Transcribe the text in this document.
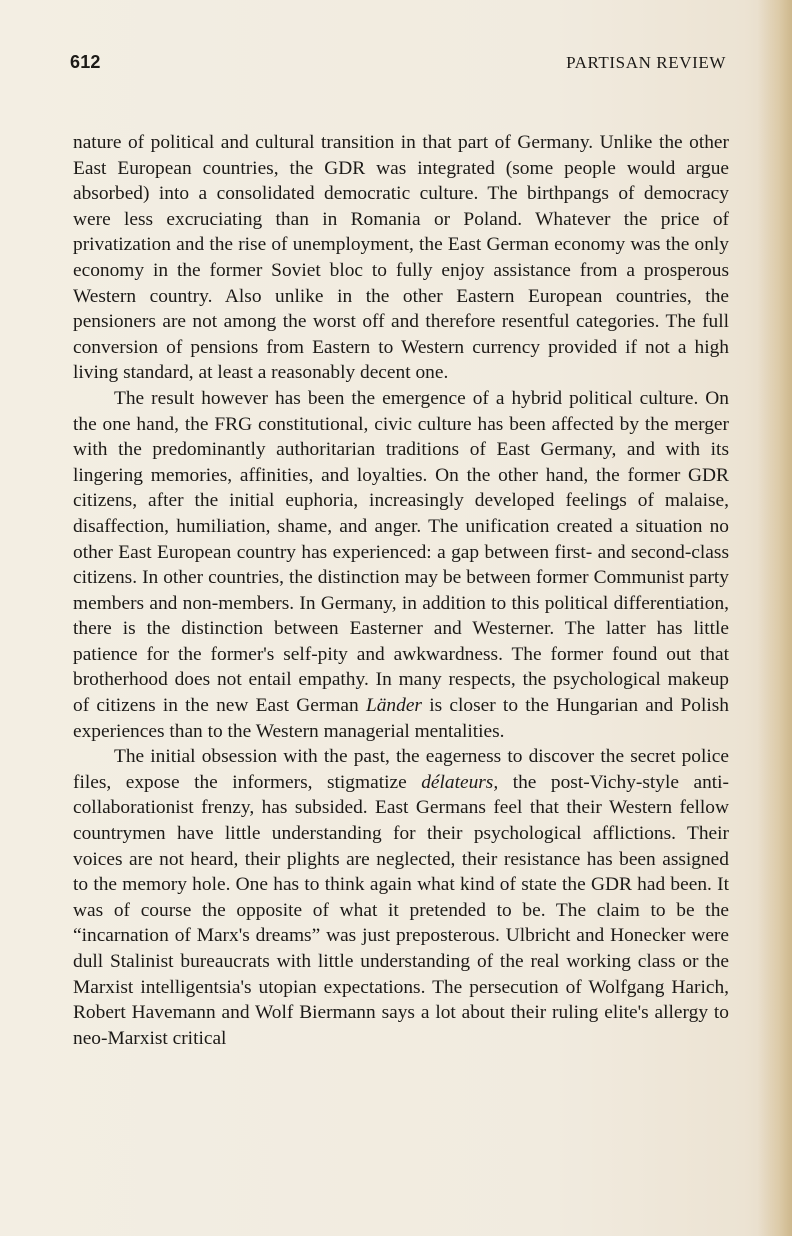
612	PARTISAN REVIEW

nature of political and cultural transition in that part of Germany. Unlike the other East European countries, the GDR was integrated (some people would argue absorbed) into a consolidated democratic culture. The birthpangs of democracy were less excruciating than in Romania or Poland. Whatever the price of privatization and the rise of unemployment, the East German economy was the only economy in the former Soviet bloc to fully enjoy assistance from a prosperous Western country. Also unlike in the other Eastern European countries, the pensioners are not among the worst off and therefore resentful categories. The full conversion of pensions from Eastern to Western currency provided if not a high living standard, at least a reasonably decent one.

The result however has been the emergence of a hybrid political culture. On the one hand, the FRG constitutional, civic culture has been affected by the merger with the predominantly authoritarian traditions of East Germany, and with its lingering memories, affinities, and loyalties. On the other hand, the former GDR citizens, after the initial euphoria, increasingly developed feelings of malaise, disaffection, humiliation, shame, and anger. The unification created a situation no other East European country has experienced: a gap between first- and second-class citizens. In other countries, the distinction may be between former Communist party members and non-members. In Germany, in addition to this political differentiation, there is the distinction between Easterner and Westerner. The latter has little patience for the former's self-pity and awkwardness. The former found out that brotherhood does not entail empathy. In many respects, the psychological makeup of citizens in the new East German Länder is closer to the Hungarian and Polish experiences than to the Western managerial mentalities.

The initial obsession with the past, the eagerness to discover the secret police files, expose the informers, stigmatize délateurs, the post-Vichy-style anti-collaborationist frenzy, has subsided. East Germans feel that their Western fellow countrymen have little understanding for their psychological afflictions. Their voices are not heard, their plights are neglected, their resistance has been assigned to the memory hole. One has to think again what kind of state the GDR had been. It was of course the opposite of what it pretended to be. The claim to be the “incarnation of Marx's dreams” was just preposterous. Ulbricht and Honecker were dull Stalinist bureaucrats with little understanding of the real working class or the Marxist intelligentsia's utopian expectations. The persecution of Wolfgang Harich, Robert Havemann and Wolf Biermann says a lot about their ruling elite's allergy to neo-Marxist critical
